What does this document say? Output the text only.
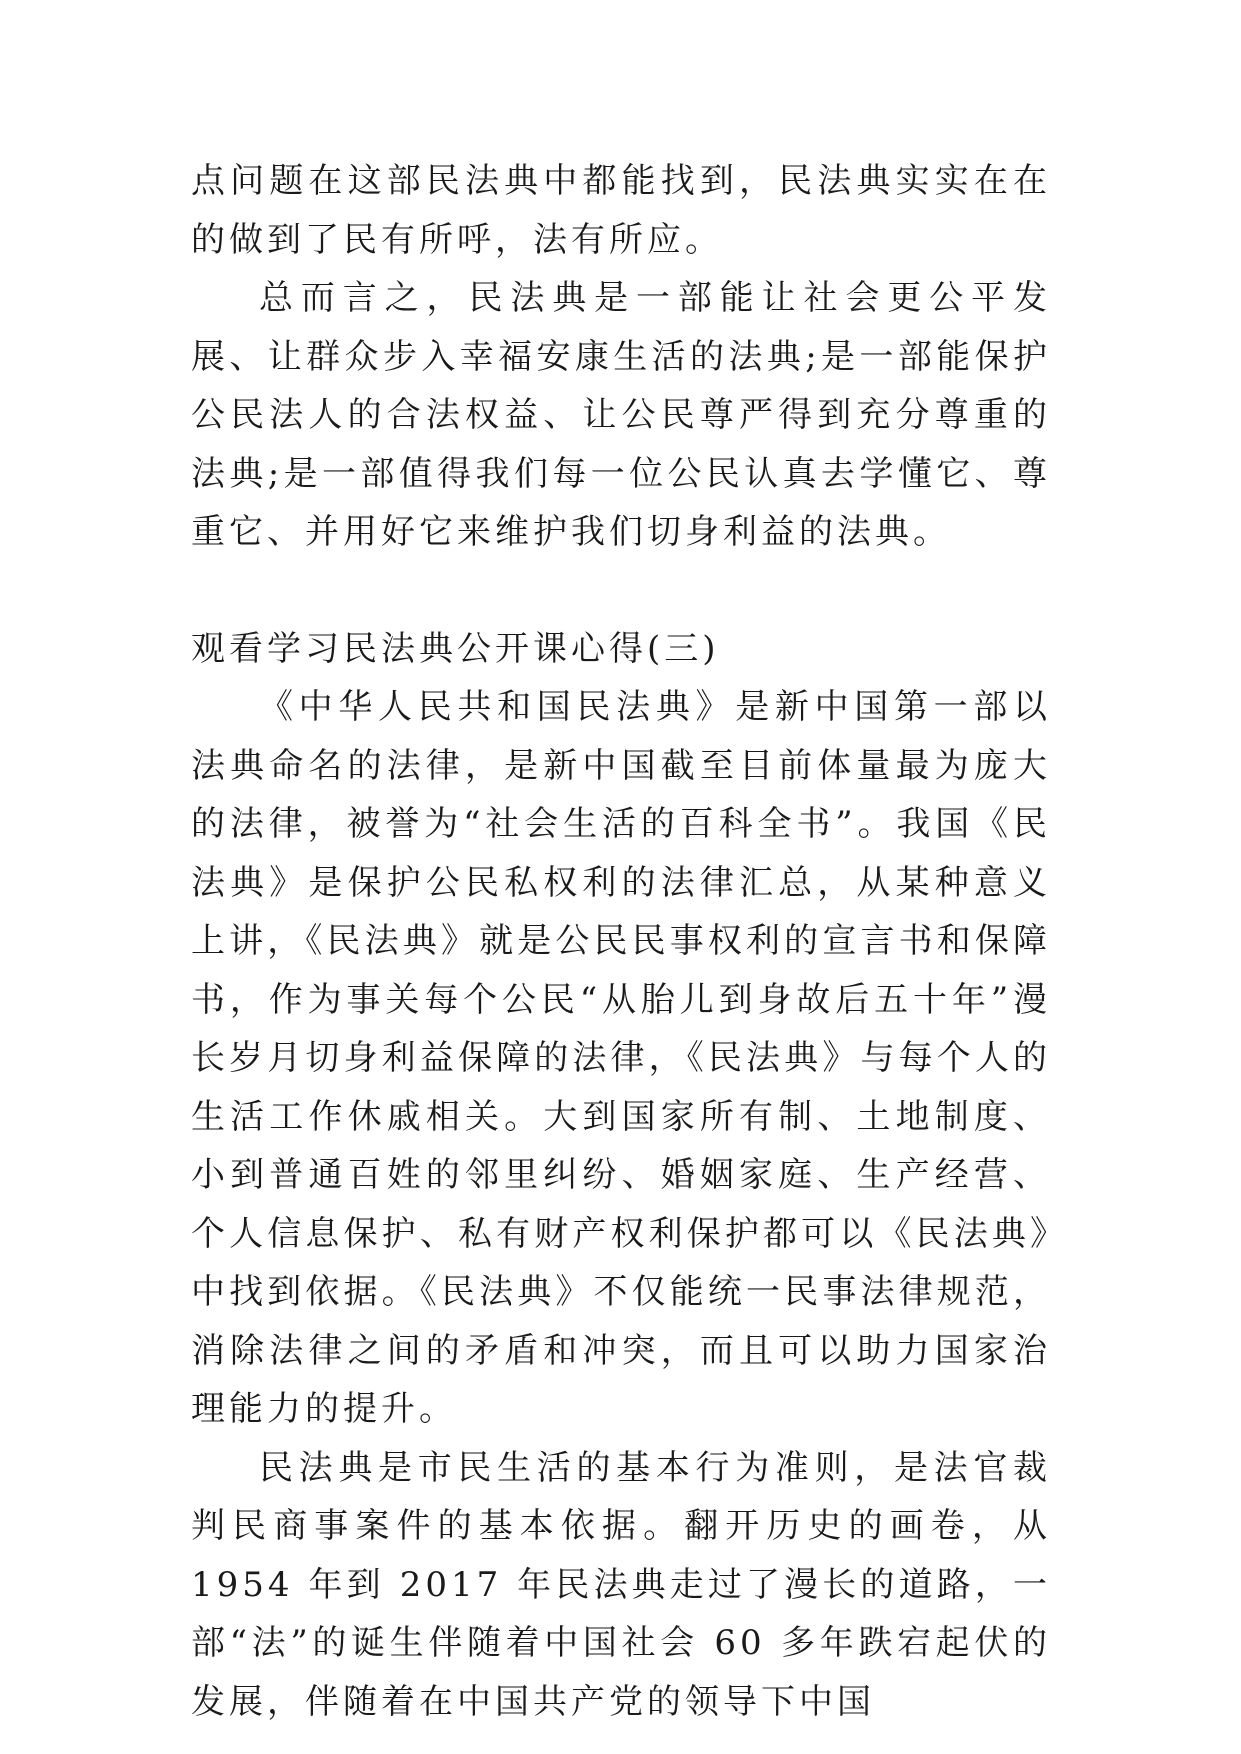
点问题在这部民法典中都能找到，民法典实实在在的做到了民有所呼，法有所应。

总而言之，民法典是一部能让社会更公平发展、让群众步入幸福安康生活的法典;是一部能保护公民法人的合法权益、让公民尊严得到充分尊重的法典;是一部值得我们每一位公民认真去学懂它、尊重它、并用好它来维护我们切身利益的法典。

观看学习民法典公开课心得(三)

《中华人民共和国民法典》是新中国第一部以法典命名的法律，是新中国截至目前体量最为庞大的法律，被誉为“社会生活的百科全书”。我国《民法典》是保护公民私权利的法律汇总，从某种意义上讲，《民法典》就是公民民事权利的宣言书和保障书，作为事关每个公民“从胎儿到身故后五十年”漫长岁月切身利益保障的法律，《民法典》与每个人的生活工作休戚相关。大到国家所有制、土地制度、小到普通百姓的邻里纠纷、婚姻家庭、生产经营、个人信息保护、私有财产权利保护都可以《民法典》中找到依据。《民法典》不仅能统一民事法律规范，消除法律之间的矛盾和冲突，而且可以助力国家治理能力的提升。

民法典是市民生活的基本行为准则，是法官裁判民商事案件的基本依据。翻开历史的画卷，从 1954 年到 2017 年民法典走过了漫长的道路，一部“法”的诞生伴随着中国社会 60 多年跌宕起伏的发展，伴随着在中国共产党的领导下中国
